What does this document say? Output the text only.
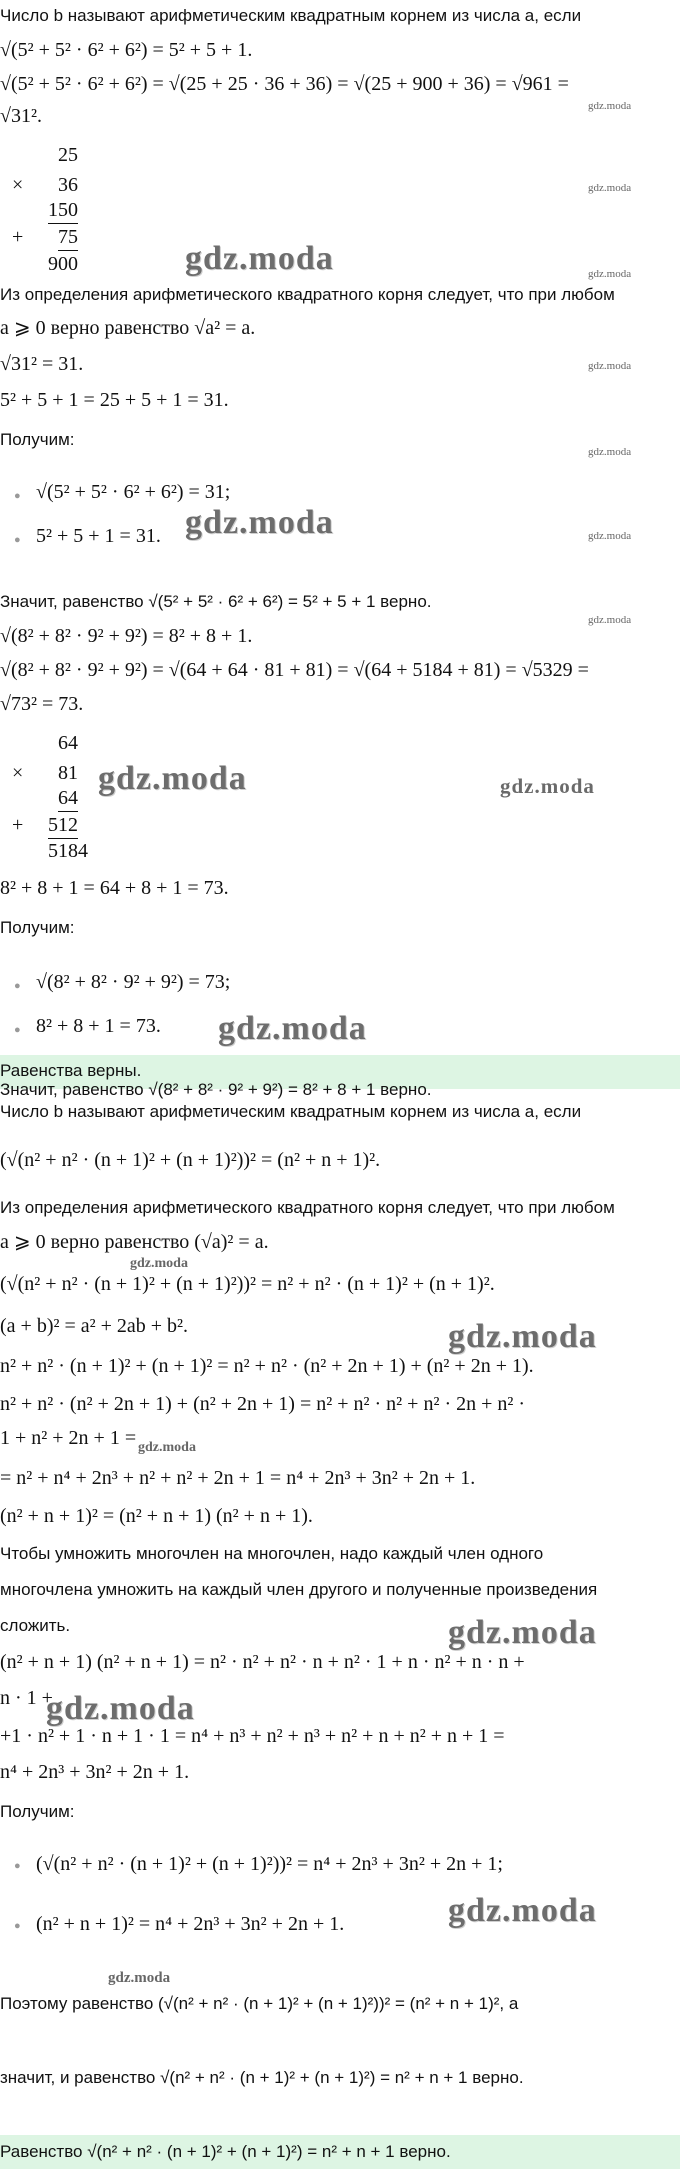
Число b называют арифметическим квадратным корнем из числа a, если
√(5² + 5² · 6² + 6²) = 5² + 5 + 1.
√(5² + 5² · 6² + 6²) = √(25 + 25 · 36 + 36) = √(25 + 900 + 36) = √961 =
√31².
25
× 36
150
+ 75
900
Из определения арифметического квадратного корня следует, что при любом
a ⩾ 0 верно равенство √a² = a.
√31² = 31.
5² + 5 + 1 = 25 + 5 + 1 = 31.
Получим:
● √(5² + 5² · 6² + 6²) = 31;
● 5² + 5 + 1 = 31.
Значит, равенство √(5² + 5² · 6² + 6²) = 5² + 5 + 1 верно.
√(8² + 8² · 9² + 9²) = 8² + 8 + 1.
√(8² + 8² · 9² + 9²) = √(64 + 64 · 81 + 81) = √(64 + 5184 + 81) = √5329 =
√73² = 73.
64
× 81
64
+ 512
5184
8² + 8 + 1 = 64 + 8 + 1 = 73.
Получим:
● √(8² + 8² · 9² + 9²) = 73;
● 8² + 8 + 1 = 73.
Значит, равенство √(8² + 8² · 9² + 9²) = 8² + 8 + 1 верно.
Равенства верны.
Число b называют арифметическим квадратным корнем из числа a, если
(√(n² + n² · (n + 1)² + (n + 1)²))² = (n² + n + 1)².
Из определения арифметического квадратного корня следует, что при любом
a ⩾ 0 верно равенство (√a)² = a.
(√(n² + n² · (n + 1)² + (n + 1)²))² = n² + n² · (n + 1)² + (n + 1)².
(a + b)² = a² + 2ab + b².
n² + n² · (n + 1)² + (n + 1)² = n² + n² · (n² + 2n + 1) + (n² + 2n + 1).
n² + n² · (n² + 2n + 1) + (n² + 2n + 1) = n² + n² · n² + n² · 2n + n² ·
1 + n² + 2n + 1 =
= n² + n⁴ + 2n³ + n² + n² + 2n + 1 = n⁴ + 2n³ + 3n² + 2n + 1.
(n² + n + 1)² = (n² + n + 1) (n² + n + 1).
Чтобы умножить многочлен на многочлен, надо каждый член одного
многочлена умножить на каждый член другого и полученные произведения
сложить.
(n² + n + 1) (n² + n + 1) = n² · n² + n² · n + n² · 1 + n · n² + n · n +
n · 1 +
+1 · n² + 1 · n + 1 · 1 = n⁴ + n³ + n² + n³ + n² + n + n² + n + 1 =
n⁴ + 2n³ + 3n² + 2n + 1.
Получим:
● (√(n² + n² · (n + 1)² + (n + 1)²))² = n⁴ + 2n³ + 3n² + 2n + 1;
● (n² + n + 1)² = n⁴ + 2n³ + 3n² + 2n + 1.
Поэтому равенство (√(n² + n² · (n + 1)² + (n + 1)²))² = (n² + n + 1)², а
значит, и равенство √(n² + n² · (n + 1)² + (n + 1)²) = n² + n + 1 верно.
Равенство √(n² + n² · (n + 1)² + (n + 1)²) = n² + n + 1 верно.
gdz.moda
gdz.moda
gdz.moda	gdz.moda
gdz.moda
gdz.moda
gdz.moda	gdz.moda
gdz.moda
gdz.moda	gdz.moda
gdz.moda
gdz.moda
gdz.moda
gdz.moda
gdz.moda
gdz.moda
gdz.moda
gdz.moda
